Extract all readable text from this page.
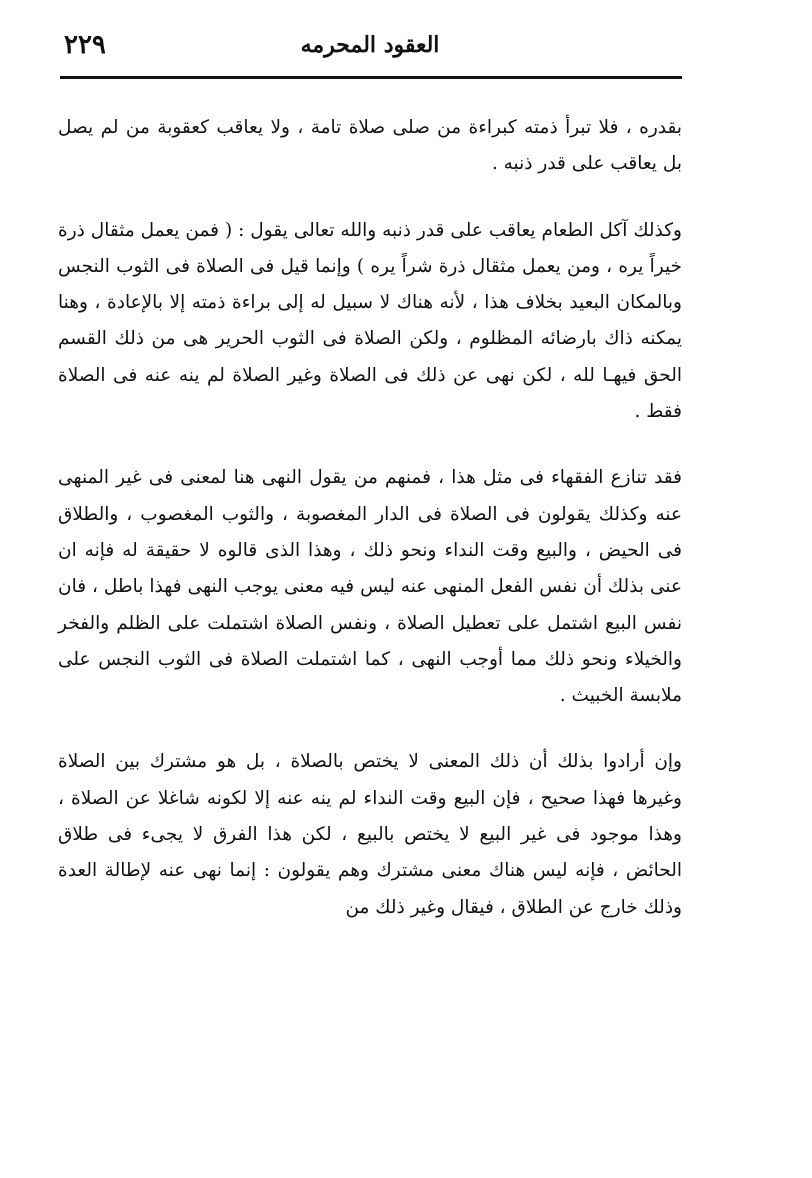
٢٢٩	العقود المحرمه

بقدره ، فلا تبرأ ذمته كبراءة من صلى صلاة تامة ، ولا يعاقب كعقوبة من لم يصل بل يعاقب على قدر ذنبه .

وكذلك آكل الطعام يعاقب على قدر ذنبه والله تعالى يقول : ( فمن يعمل مثقال ذرة خيراً يره ، ومن يعمل مثقال ذرة شراً يره ) وإنما قيل فى الصلاة فى الثوب النجس وبالمكان البعيد بخلاف هذا ، لأنه هناك لا سبيل له إلى براءة ذمته إلا بالإعادة ، وهنا يمكنه ذاك بارضائه المظلوم ، ولكن الصلاة فى الثوب الحرير هى من ذلك القسم الحق فيهـا لله ، لكن نهى عن ذلك فى الصلاة وغير الصلاة لم ينه عنه فى الصلاة فقط .

فقد تنازع الفقهاء فى مثل هذا ، فمنهم من يقول النهى هنا لمعنى فى غير المنهى عنه وكذلك يقولون فى الصلاة فى الدار المغصوبة ، والثوب المغصوب ، والطلاق فى الحيض ، والبيع وقت النداء ونحو ذلك ، وهذا الذى قالوه لا حقيقة له فإنه ان عنى بذلك أن نفس الفعل المنهى عنه ليس فيه معنى يوجب النهى فهذا باطل ، فان نفس البيع اشتمل على تعطيل الصلاة ، ونفس الصلاة اشتملت على الظلم والفخر والخيلاء ونحو ذلك مما أوجب النهى ، كما اشتملت الصلاة فى الثوب النجس على ملابسة الخبيث .

وإن أرادوا بذلك أن ذلك المعنى لا يختص بالصلاة ، بل هو مشترك بين الصلاة وغيرها فهذا صحيح ، فإن البيع وقت النداء لم ينه عنه إلا لكونه شاغلا عن الصلاة ، وهذا موجود فى غير البيع لا يختص بالبيع ، لكن هذا الفرق لا يجىء فى طلاق الحائض ، فإنه ليس هناك معنى مشترك وهم يقولون : إنما نهى عنه لإطالة العدة وذلك خارج عن الطلاق ، فيقال وغير ذلك من
